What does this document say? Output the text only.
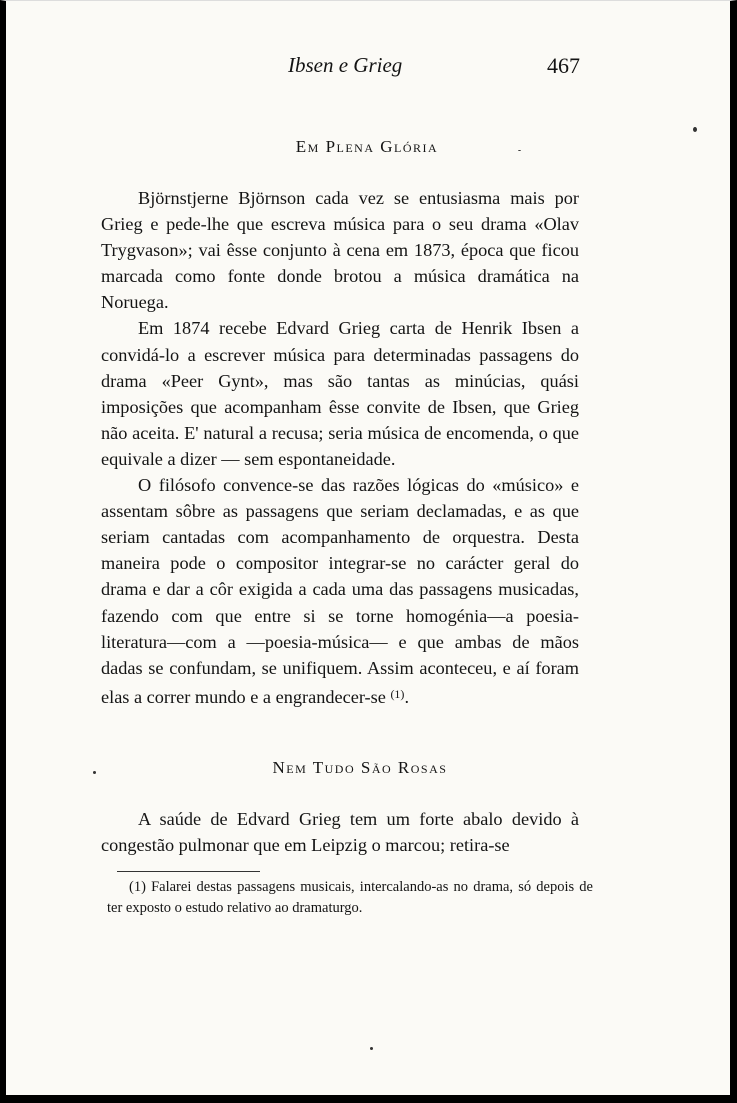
Ibsen e Grieg	467
Em Plena Glória

Björnstjerne Björnson cada vez se entusiasma mais por Grieg e pede-lhe que escreva música para o seu drama «Olav Trygvason»; vai êsse conjunto à cena em 1873, época que ficou marcada como fonte donde brotou a música dramática na Noruega.

Em 1874 recebe Edvard Grieg carta de Henrik Ibsen a convidá-lo a escrever música para determinadas passagens do drama «Peer Gynt», mas são tantas as minúcias, quási imposições que acompanham êsse convite de Ibsen, que Grieg não aceita. E' natural a recusa; seria música de encomenda, o que equivale a dizer — sem espontaneidade.

O filósofo convence-se das razões lógicas do «músico» e assentam sôbre as passagens que seriam declamadas, e as que seriam cantadas com acompanhamento de orquestra. Desta maneira pode o compositor integrar-se no carácter geral do drama e dar a côr exigida a cada uma das passagens musicadas, fazendo com que entre si se torne homogénia—a poesia-literatura—com a —poesia-música— e que ambas de mãos dadas se confundam, se unifiquem. Assim aconteceu, e aí foram elas a correr mundo e a engrandecer-se $^{(1)}$.

Nem Tudo São Rosas

A saúde de Edvard Grieg tem um forte abalo devido à congestão pulmonar que em Leipzig o marcou; retira-se

(1) Falarei destas passagens musicais, intercalando-as no drama, só depois de ter exposto o estudo relativo ao dramaturgo.
